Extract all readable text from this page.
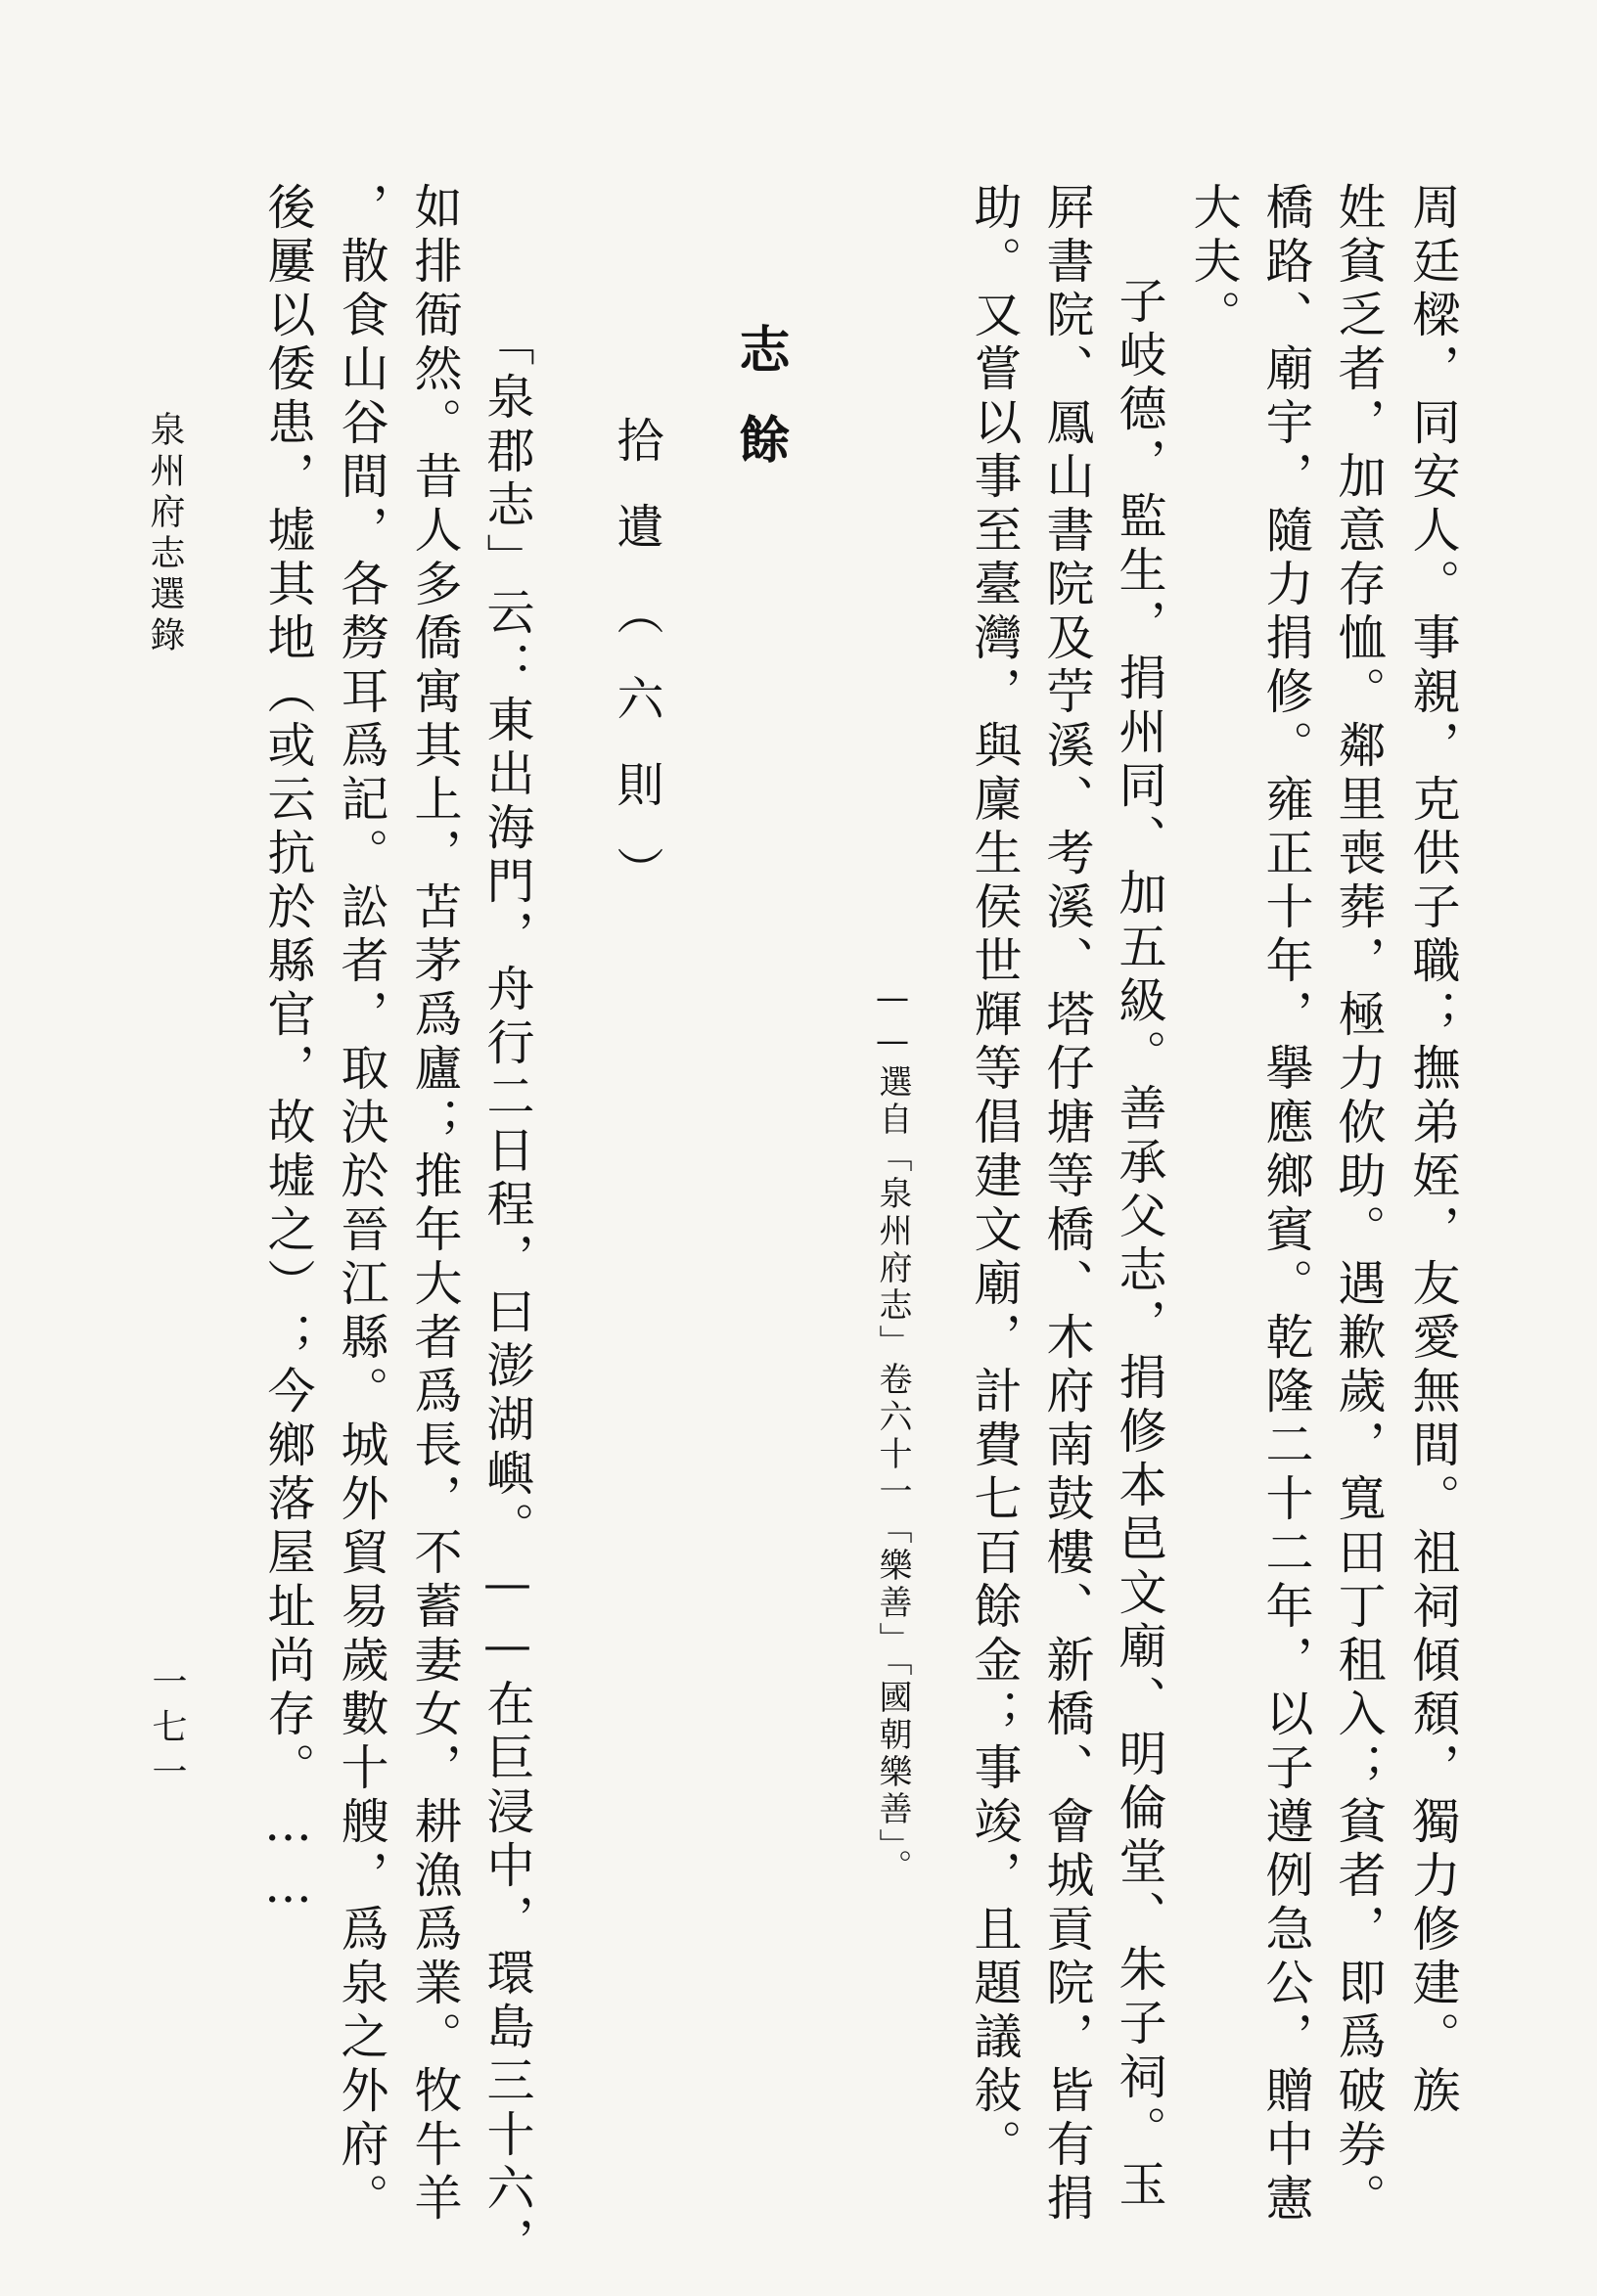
周廷樑，同安人。事親，克供子職；撫弟姪，友愛無間。祖祠傾頹，獨力修建。族
姓貧乏者，加意存恤。鄰里喪葬，極力佽助。遇歉歲，寬田丁租入；貧者，即爲破券。
橋路、廟宇，隨力捐修。雍正十年，擧應鄉賓。乾隆二十二年，以子遵例急公，贈中憲
大夫。
子岐德，監生，捐州同、加五級。善承父志，捐修本邑文廟、明倫堂、朱子祠。玉
屛書院、鳳山書院及苧溪、考溪、塔仔塘等橋、木府南鼓樓、新橋、會城貢院，皆有捐
助。又嘗以事至臺灣，與廩生侯世輝等倡建文廟，計費七百餘金；事竣，且題議敍。
——選自「泉州府志」卷六十一「樂善」「國朝樂善」。
志餘
拾遺（六則）
「泉郡志」云：東出海門，舟行二日程，曰澎湖嶼。——在巨浸中，環島三十六，
如排衙然。昔人多僑寓其上，苫茅爲廬；推年大者爲長，不蓄妻女，耕漁爲業。牧牛羊
，散食山谷間，各剺耳爲記。訟者，取決於晉江縣。城外貿易歲數十艘，爲泉之外府。
後屢以倭患，墟其地（或云抗於縣官，故墟之）；今鄉落屋址尚存。……
泉州府志選錄
一七一
